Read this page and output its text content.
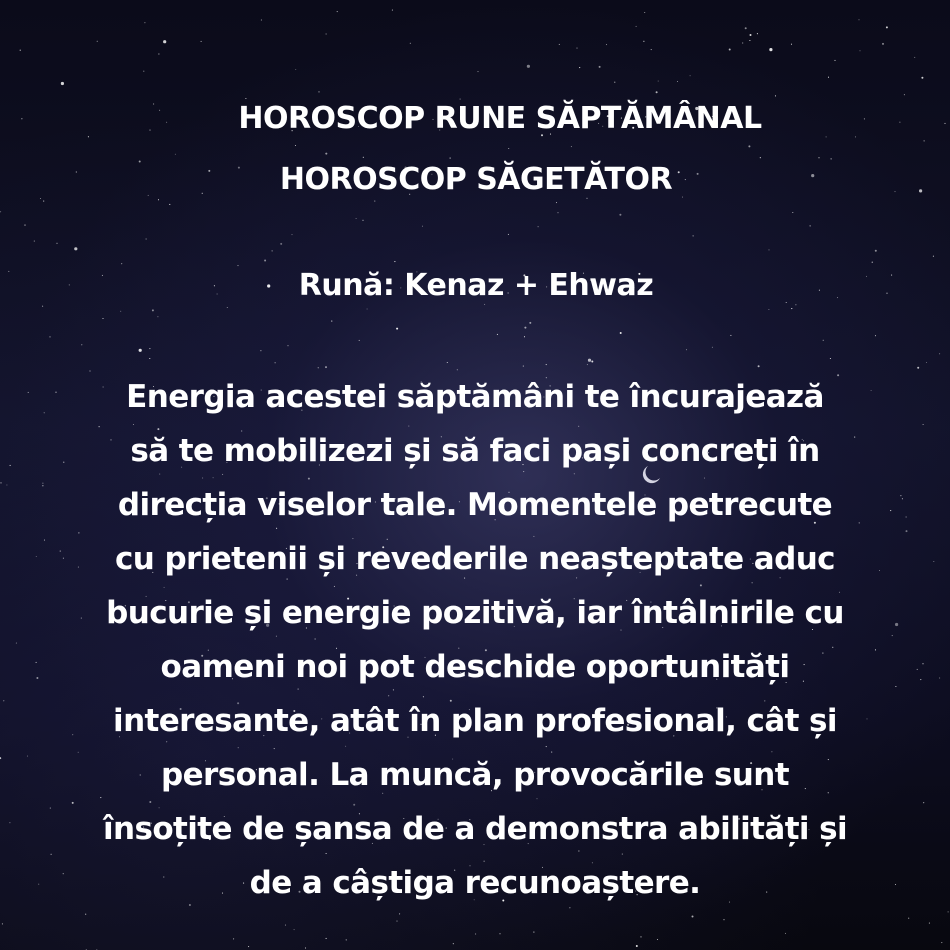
HOROSCOP RUNE SĂPTĂMÂNAL
HOROSCOP SĂGETĂTOR
Rună: Kenaz + Ehwaz
Energia acestei săptămâni te încurajează
să te mobilizezi și să faci pași concreți în
direcția viselor tale. Momentele petrecute
cu prietenii și revederile neașteptate aduc
bucurie și energie pozitivă, iar întâlnirile cu
oameni noi pot deschide oportunități
interesante, atât în plan profesional, cât și
personal. La muncă, provocările sunt
însoțite de șansa de a demonstra abilități și
de a câștiga recunoaștere.
